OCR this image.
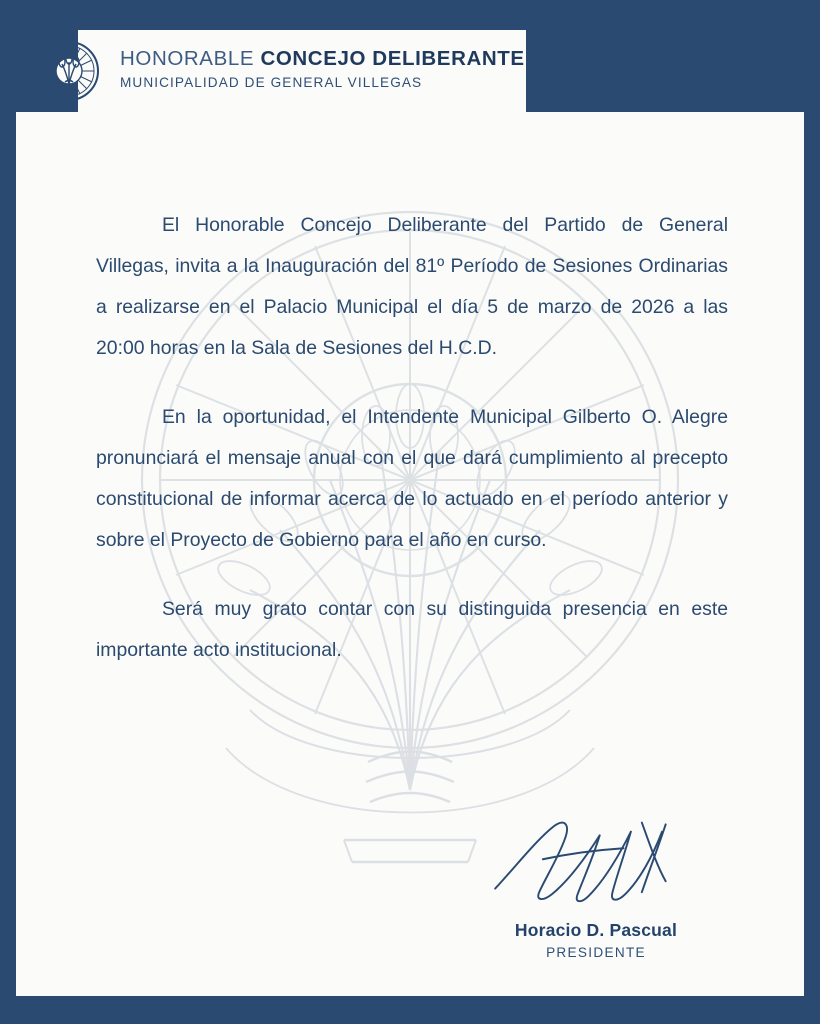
HONORABLE CONCEJO DELIBERANTE
MUNICIPALIDAD DE GENERAL VILLEGAS

El Honorable Concejo Deliberante del Partido de General Villegas, invita a la Inauguración del 81º Período de Sesiones Ordinarias a realizarse en el Palacio Municipal el día 5 de marzo de 2026 a las 20:00 horas en la Sala de Sesiones del H.C.D.

En la oportunidad, el Intendente Municipal Gilberto O. Alegre pronunciará el mensaje anual con el que dará cumplimiento al precepto constitucional de informar acerca de lo actuado en el período anterior y sobre el Proyecto de Gobierno para el año en curso.

Será muy grato contar con su distinguida presencia en este importante acto institucional.

Horacio D. Pascual
PRESIDENTE
